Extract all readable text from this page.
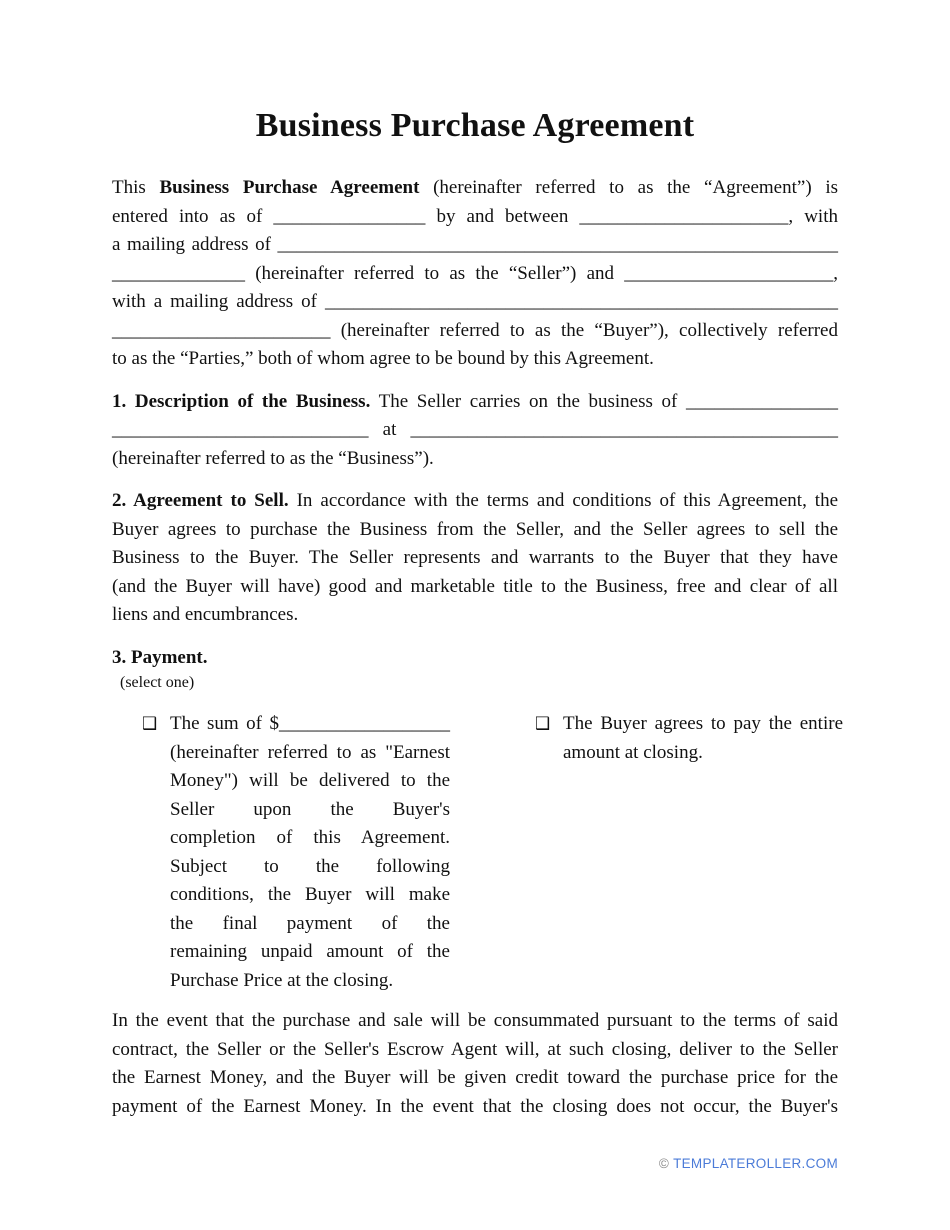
Business Purchase Agreement
This Business Purchase Agreement (hereinafter referred to as the “Agreement”) is
entered into as of ________________ by and between ______________________, with
a mailing address of ___________________________________________________________
______________ (hereinafter referred to as the “Seller”) and ______________________,
with a mailing address of ______________________________________________________
_______________________ (hereinafter referred to as the “Buyer”), collectively referred
to as the “Parties,” both of whom agree to be bound by this Agreement.
1. Description of the Business. The Seller carries on the business of ________________
___________________________ at _____________________________________________
(hereinafter referred to as the “Business”).
2. Agreement to Sell. In accordance with the terms and conditions of this Agreement, the
Buyer agrees to purchase the Business from the Seller, and the Seller agrees to sell the
Business to the Buyer. The Seller represents and warrants to the Buyer that they have
(and the Buyer will have) good and marketable title to the Business, free and clear of all
liens and encumbrances.
3. Payment.
(select one)
❑ The sum of $__________________
(hereinafter referred to as "Earnest
Money") will be delivered to the
Seller upon the Buyer's
completion of this Agreement.
Subject to the following
conditions, the Buyer will make
the final payment of the
remaining unpaid amount of the
Purchase Price at the closing.
❑ The Buyer agrees to pay the entire
amount at closing.
In the event that the purchase and sale will be consummated pursuant to the terms of said
contract, the Seller or the Seller's Escrow Agent will, at such closing, deliver to the Seller
the Earnest Money, and the Buyer will be given credit toward the purchase price for the
payment of the Earnest Money. In the event that the closing does not occur, the Buyer's
© TEMPLATEROLLER.COM
